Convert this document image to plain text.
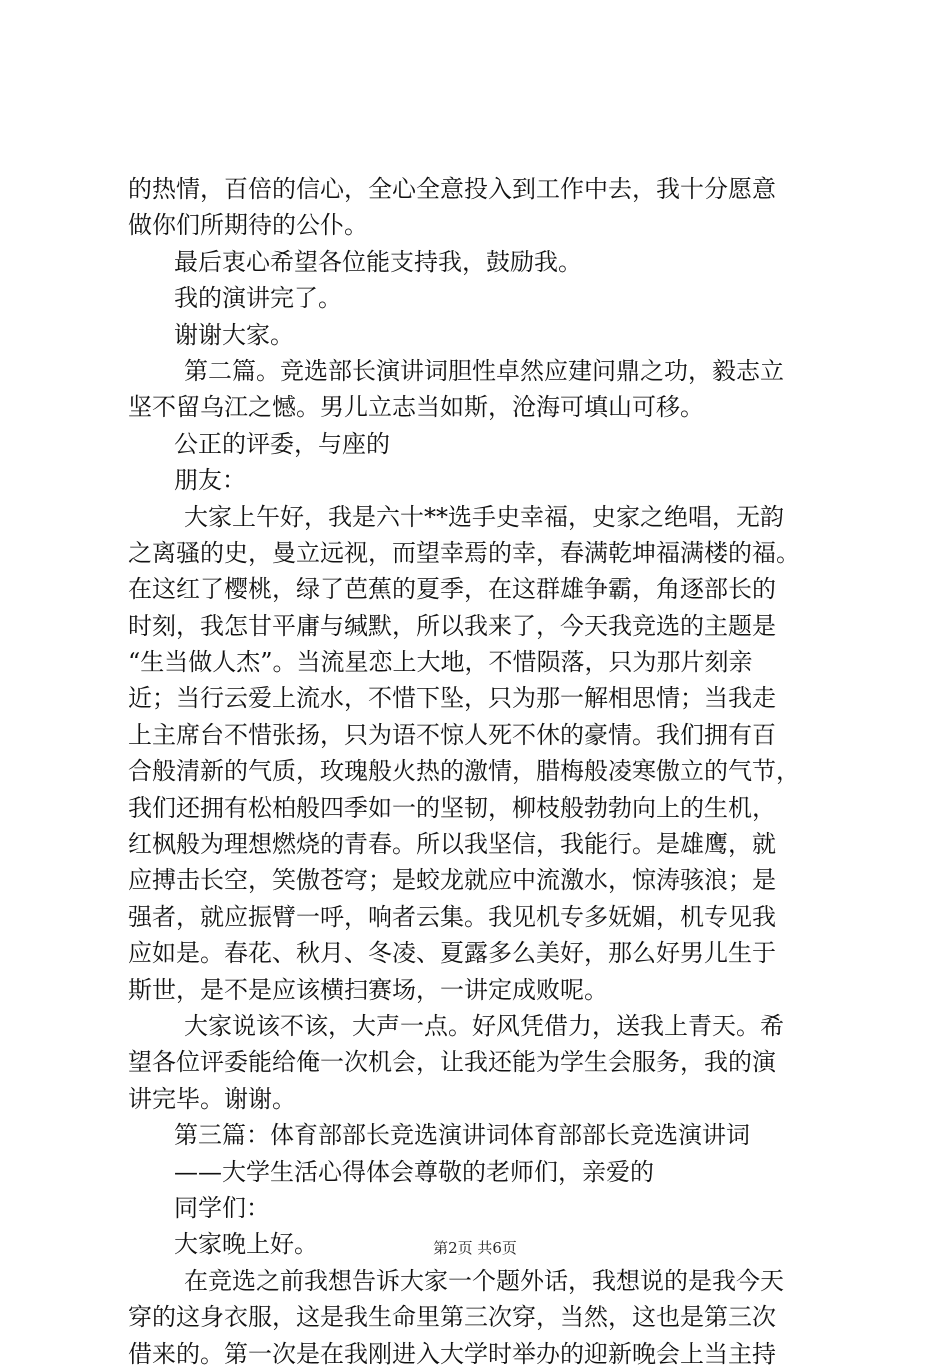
的热情，百倍的信心，全心全意投入到工作中去，我十分愿意
做你们所期待的公仆。
最后衷心希望各位能支持我，鼓励我。
我的演讲完了。
谢谢大家。
第二篇。竞选部长演讲词胆性卓然应建问鼎之功，毅志立
坚不留乌江之憾。男儿立志当如斯，沧海可填山可移。
公正的评委，与座的
朋友：
大家上午好，我是六十**选手史幸福，史家之绝唱，无韵
之离骚的史，曼立远视，而望幸焉的幸，春满乾坤福满楼的福。
在这红了樱桃，绿了芭蕉的夏季，在这群雄争霸，角逐部长的
时刻，我怎甘平庸与缄默，所以我来了，今天我竞选的主题是
“生当做人杰”。当流星恋上大地，不惜陨落，只为那片刻亲
近；当行云爱上流水，不惜下坠，只为那一解相思情；当我走
上主席台不惜张扬，只为语不惊人死不休的豪情。我们拥有百
合般清新的气质，玫瑰般火热的激情，腊梅般凌寒傲立的气节，
我们还拥有松柏般四季如一的坚韧，柳枝般勃勃向上的生机，
红枫般为理想燃烧的青春。所以我坚信，我能行。是雄鹰，就
应搏击长空，笑傲苍穹；是蛟龙就应中流激水，惊涛骇浪；是
强者，就应振臂一呼，响者云集。我见机专多妩媚，机专见我
应如是。春花、秋月、冬凌、夏露多么美好，那么好男儿生于
斯世，是不是应该横扫赛场，一讲定成败呢。
大家说该不该，大声一点。好风凭借力，送我上青天。希
望各位评委能给俺一次机会，让我还能为学生会服务，我的演
讲完毕。谢谢。
第三篇：体育部部长竞选演讲词体育部部长竞选演讲词
——大学生活心得体会尊敬的老师们，亲爱的
同学们：
大家晚上好。
在竞选之前我想告诉大家一个题外话，我想说的是我今天
穿的这身衣服，这是我生命里第三次穿，当然，这也是第三次
借来的。第一次是在我刚进入大学时举办的迎新晚会上当主持
第2页 共6页
